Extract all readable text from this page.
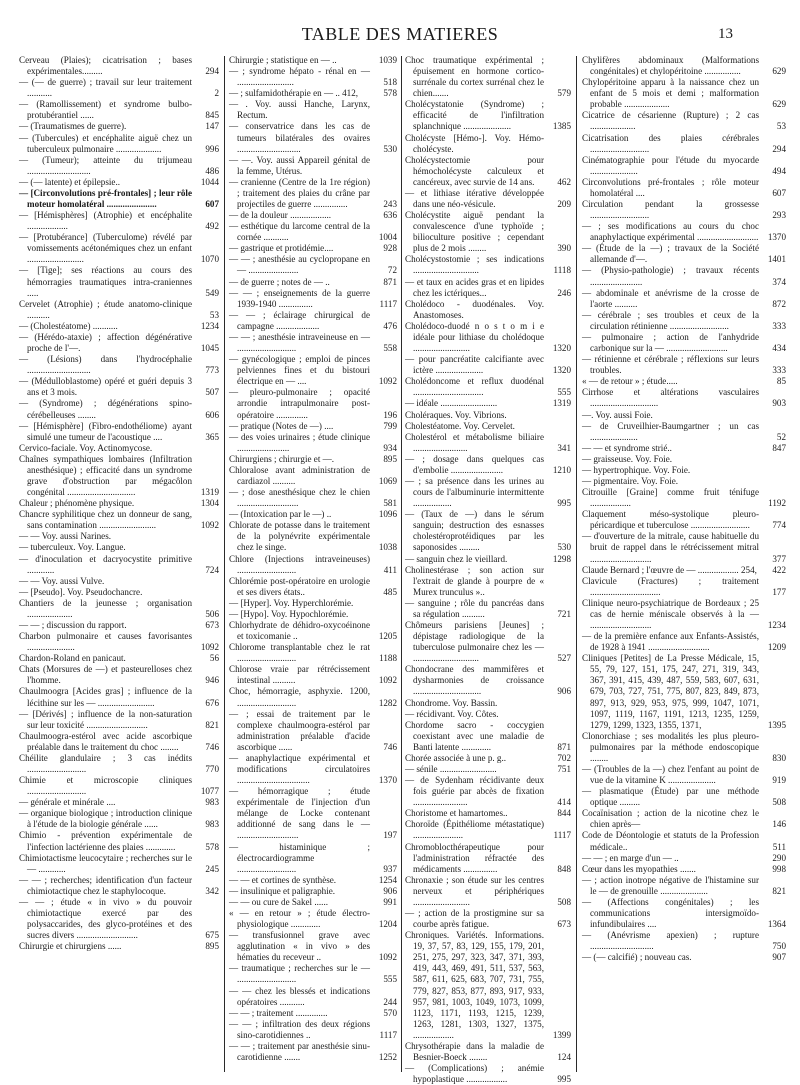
TABLE DES MATIERES	13
Cerveau (Plaies); cicatrisation ; bases expérimentales.........	294
— (— de guerre) ; travail sur leur traitement ...........	2
— (Ramollissement) et syndrome bulbo-protubérantiel ......	845
— (Traumatismes de guerre).	147
— (Tubercules) et encéphalite aiguë chez un tuberculeux pulmonaire ....................	996
— (Tumeur); atteinte du trijumeau ............................	486
— (— latente) et épilepsie..	1044
— [Circonvolutions pré-frontales] ; leur rôle moteur homolatéral ......................	607
— [Hémisphères] (Atrophie) et encéphalite ..................	492
— [Protubérance] (Tuberculome) révélé par vomissements acétonémiques chez un enfant .........................	1070
— [Tige]; ses réactions au cours des hémorragies traumatiques intra-craniennes .....	549
Cervelet (Atrophie) ; étude anatomo-clinique ..........	53
— (Cholestéatome) ...........	1234
— (Hérédo-ataxie) ; affection dégénérative proche de l'—.	1045
— (Lésions) dans l'hydrocéphalie ............................	773
— (Médulloblastome) opéré et guéri depuis 3 ans et 3 mois.	507
— (Syndrome) ; dégénérations spino-cérébelleuses ........	606
— [Hémisphère] (Fibro-endothéliome) ayant simulé une tumeur de l'acoustique ....	365
Cervico-faciale. Voy. Actinomycose.
Chaînes sympathiques lombaires (Infiltration anesthésique) ; efficacité dans un syndrome grave d'obstruction par mégacôlon congénital ..............................	1319
Chaleur ; phénomène physique.	1304
Chancre syphilitique chez un donneur de sang, sans contamination .........................	1092
— — Voy. aussi Narines.
— tuberculeux. Voy. Langue.
— d'inoculation et dacryocystite primitive ............	724
— — Voy. aussi Vulve.
— [Pseudo]. Voy. Pseudochancre.
Chantiers de la jeunesse ; organisation ....................	506
— — ; discussion du rapport.	673
Charbon pulmonaire et causes favorisantes .....................	1092
Chardon-Roland en panicaut.	56
Chats (Morsures de —) et pasteurelloses chez l'homme.	946
Chaulmoogra [Acides gras] ; influence de la lécithine sur les — .........................	676
— [Dérivés] ; influence de la non-saturation sur leur toxicité ...........................	821
Chaulmoogra-estérol avec acide ascorbique préalable dans le traitement du choc ........	746
Chéilite glandulaire ; 3 cas inédits ..........................	770
Chimie et microscopie cliniques ..........................	1077
— générale et minérale ....	983
— organique biologique ; introduction clinique à l'étude de la biologie générale ......	983
Chimio - prévention expérimentale de l'infection lactérienne des plaies .............	578
Chimiotactisme leucocytaire ; recherches sur le — ............	245
— — ; recherches; identification d'un facteur chimiotactique chez le staphylocoque.	342
— — ; étude « in vivo » du pouvoir chimiotactique exercé par des polysaccarides, des glyco-protéines et des sucres divers ...........................	675
Chirurgie et chirurgiens ......	895
Chirurgie ; statistique en — ..	1039
— ; syndrome hépato - rénal en — .........................	518
— ; sulfamidothérapie en — .. 412,	578
— . Voy. aussi Hanche, Larynx, Rectum.
— conservatrice dans les cas de tumeurs bilatérales des ovaires ............................	530
— —. Voy. aussi Appareil génital de la femme, Utérus.
— cranienne (Centre de la 1re région) ; traitement des plaies du crâne par projectiles de guerre ...............	243
— de la douleur ..................	636
— esthétique du larcome central de la cornée ...........	1004
— gastrique et protidémie....	928
— — ; anesthésie au cyclopropane en — ......................	72
— de guerre ; notes de — ..	871
— — ; enseignements de la guerre 1939-1940 ...............	1117
— — ; éclairage chirurgical de campagne ...................	476
— — ; anesthésie intraveineuse en — ..........................	558
— gynécologique ; emploi de pinces pelviennes fines et du bistouri électrique en — ....	1092
— pleuro-pulmonaire ; opacité arrondie intrapulmonaire post-opératoire ..............	196
— pratique (Notes de —) ....	799
— des voies urinaires ; étude clinique .......................	934
Chirurgiens ; chirurgie et —.	895
Chloralose avant administration de cardiazol ..........	1069
— ; dose anesthésique chez le chien ...........................	581
— (Intoxication par le —) ..	1096
Chlorate de potasse dans le traitement de la polynévrite expérimentale chez le singe.	1038
Chlore (Injections intraveineuses) ..........................	411
Chlorémie post-opératoire en urologie et ses divers états..	485
— [Hyper]. Voy. Hyperchlorémie.
— [Hypo]. Voy. Hypochlorémie.
Chlorhydrate de déhidro-oxycoéinone et toxicomanie ..	1205
Chlorome transplantable chez le rat ..........................	1188
Chlorose vraie par rétrécissement intestinal ..........	1092
Choc, hémorragie, asphyxie. 1200, ..........................	1282
— ; essai de traitement par le complexe chaulmoogra-estérol par administration préalable d'acide ascorbique ......	746
— anaphylactique expérimental et modifications circulatoires ................................	1370
— hémorragique ; étude expérimentale de l'injection d'un mélange de Locke contenant additionné de sang dans le — ...........................	197
— histaminique ; électrocardiogramme ..........................	937
— — et cortines de synthèse.	1254
— insulinique et paligraphie.	906
— — ou cure de Sakel ......	991
« — en retour » ; étude électro-physiologique .............	1204
— transfusionnel grave avec agglutination « in vivo » des hématies du receveur ..	1092
— traumatique ; recherches sur le — ..........................	555
— — chez les blessés et indications opératoires ...........	244
— — ; traitement ..............	570
— — ; infiltration des deux régions sino-carotidiennes ..	1117
— — ; traitement par anesthésie sinu-carotidienne .......	1252
Choc traumatique expérimental ; épuisement en hormone cortico-surrénale du cortex surrénal chez le chien.......	579
Cholécystatonie (Syndrome) ; efficacité de l'infiltration splanchnique .....................	1385
Cholécyste [Hémo-]. Voy. Hémo-cholécyste.
Cholécystectomie pour hémocholécyste calculeux et cancéreux, avec survie de 14 ans.	462
— et lithiase itérative développée dans une néo-vésicule.	209
Cholécystite aiguë pendant la convalescence d'une typhoïde ; bilioculture positive ; cependant plus de 2 mois ........	390
Cholécystostomie ; ses indications .............................	1118
— et taux en acides gras et en lipides chez les ictériques...	246
Cholédoco - duodénales. Voy. Anastomoses.
Cholédoco-duodé n o s t o m i e idéale pour lithiase du cholédoque .........................	1320
— pour pancréatite calcifiante avec ictère .....................	1320
Cholédoncome et reflux duodénal ...............................	555
— idéale .........................	1319
Choléraques. Voy. Vibrions.
Cholestéatome. Voy. Cervelet.
Cholestérol et métabolisme biliaire ........................	341
— ; dosage dans quelques cas d'embolie .......................	1210
— ; sa présence dans les urines au cours de l'albuminurie intermittente .................	995
— (Taux de —) dans le sérum sanguin; destruction des esnasses cholestéroprotéidiques par les saponosides .........	530
— sanguin chez le vieillard.	1298
Cholinestérase ; son action sur l'extrait de glande à pourpre de « Murex trunculus »..
— sanguine ; rôle du pancréas dans sa régulation ..........	721
Chômeurs parisiens [Jeunes] ; dépistage radiologique de la tuberculose pulmonaire chez les — .............................	527
Chondocrane des mammifères et dysharmonies de croissance ..............................	906
Chondrome. Voy. Bassin.
— récidivant. Voy. Côtes.
Chordome sacro - coccygien coexistant avec une maladie de Banti latente .............	871
Chorée associée à une p. g..	702
— sénile .........................	751
— de Sydenham récidivante deux fois guérie par abcès de fixation ........................	414
Choristome et hamartomes..	844
Choroïde (Épithéliome métastatique) ......................	1117
Chromoblocthérapeutique pour l'administration réfractée des médicaments ...............	848
Chronaxie ; son étude sur les centres nerveux et périphériques .........................	508
— ; action de la prostigmine sur sa courbe après fatigue.	673
Chroniques. Variétés. Informations. 19, 37, 57, 83, 129, 155, 179, 201, 251, 275, 297, 323, 347, 371, 393, 419, 443, 469, 491, 511, 537, 563, 587, 611, 625, 683, 707, 731, 755, 779, 827, 853, 877, 893, 917, 933, 957, 981, 1003, 1049, 1073, 1099, 1123, 1171, 1193, 1215, 1239, 1263, 1281, 1303, 1327, 1375, ..................	1399
Chrysothérapie dans la maladie de Besnier-Boeck ........	124
— (Complications) ; anémie hypoplastique ..................	995
Chylifères abdominaux (Malformations congénitales) et chylopéritoine ................	629
Chylopéritoine apparu à la naissance chez un enfant de 5 mois et demi ; malformation probable ....................	629
Cicatrice de césarienne (Rupture) ; 2 cas ....................	53
Cicatrisation des plaies cérébrales ..........................	294
Cinématographie pour l'étude du myocarde .....................	494
Circonvolutions pré-frontales ; rôle moteur homolatéral ....	607
Circulation pendant la grossesse ..........................	293
— ; ses modifications au cours du choc anaphylactique expérimental ...........................	1370
— (Étude de la —) ; travaux de la Société allemande d'—.	1401
— (Physio-pathologie) ; travaux récents .......................	374
— abdominale et anévrisme de la crosse de l'aorte ..........	872
— cérébrale ; ses troubles et ceux de la circulation rétinienne ..........................	333
— pulmonaire ; action de l'anhydride carbonique sur la — ...........................	434
— rétinienne et cérébrale ; réflexions sur leurs troubles.	333
« — de retour » ; étude.....	85
Cirrhose et altérations vasculaires ..............................	903
—. Voy. aussi Foie.
— de Cruveilhier-Baumgartner ; un cas .....................	52
— — et syndrome strié..	847
— graisseuse. Voy. Foie.
— hypertrophique. Voy. Foie.
— pigmentaire. Voy. Foie.
Citrouille [Graine] comme fruit ténifuge ..................	1192
Claquement méso-systolique pleuro-péricardique et tuberculose ..........................	774
— d'ouverture de la mitrale, cause habituelle du bruit de rappel dans le rétrécissement mitral ...........................	377
Claude Bernard ; l'œuvre de — .................. 254,	422
Clavicule (Fractures) ; traitement ...............................	177
Clinique neuro-psychiatrique de Bordeaux ; 25 cas de hernie méniscale observés à la — ...........................	1234
— de la première enfance aux Enfants-Assistés, de 1928 à 1941 ...........................	1209
Cliniques [Petites] de La Presse Médicale, 15, 55, 79, 127, 151, 175, 247, 271, 319, 343, 367, 391, 415, 439, 487, 559, 583, 607, 631, 679, 703, 727, 751, 775, 807, 823, 849, 873, 897, 913, 929, 953, 975, 999, 1047, 1071, 1097, 1119, 1167, 1191, 1213, 1235, 1259, 1279, 1299, 1323, 1355, 1371,	1395
Clonorchiase ; ses modalités les plus pleuro-pulmonaires par la méthode endoscopique ........	830
— (Troubles de la —) chez l'enfant au point de vue de la vitamine K .....................	919
— plasmatique (Étude) par une méthode optique .........	508
Cocaïnisation ; action de la nicotine chez le chien après—	146
Code de Déontologie et statuts de la Profession médicale..	511
— — ; en marge d'un — ..	290
Cœur dans les myopathies .......	998
— ; action inotrope négative de l'histamine sur le — de grenouille .....................	821
— (Affections congénitales) ; les communications intersigmoïdo-infundibulaires ....	1364
— (Anévrisme apexien) ; rupture ............................	750
— (— calcifié) ; nouveau cas.	907
